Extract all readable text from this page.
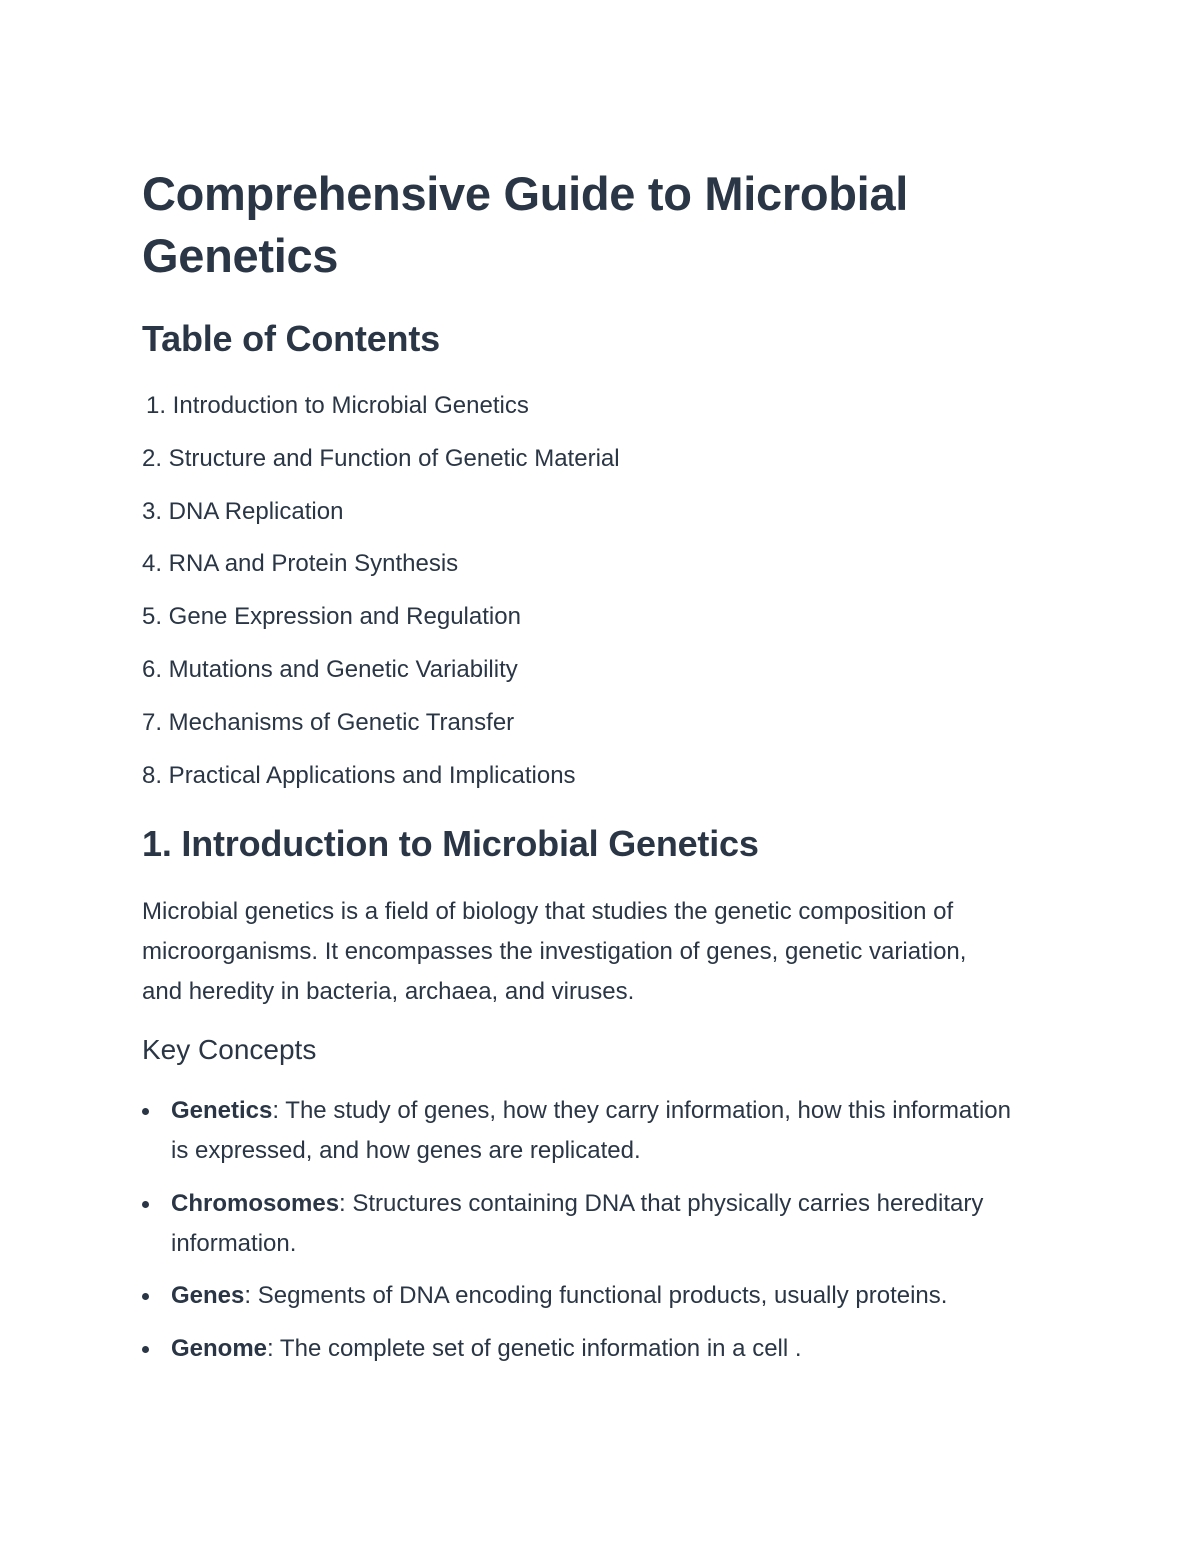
Comprehensive Guide to Microbial Genetics
Table of Contents
1. Introduction to Microbial Genetics
2. Structure and Function of Genetic Material
3. DNA Replication
4. RNA and Protein Synthesis
5. Gene Expression and Regulation
6. Mutations and Genetic Variability
7. Mechanisms of Genetic Transfer
8. Practical Applications and Implications
1. Introduction to Microbial Genetics

Microbial genetics is a field of biology that studies the genetic composition of microorganisms. It encompasses the investigation of genes, genetic variation, and heredity in bacteria, archaea, and viruses.

Key Concepts
Genetics: The study of genes, how they carry information, how this information is expressed, and how genes are replicated.
Chromosomes: Structures containing DNA that physically carries hereditary information.
Genes: Segments of DNA encoding functional products, usually proteins.
Genome: The complete set of genetic information in a cell .
